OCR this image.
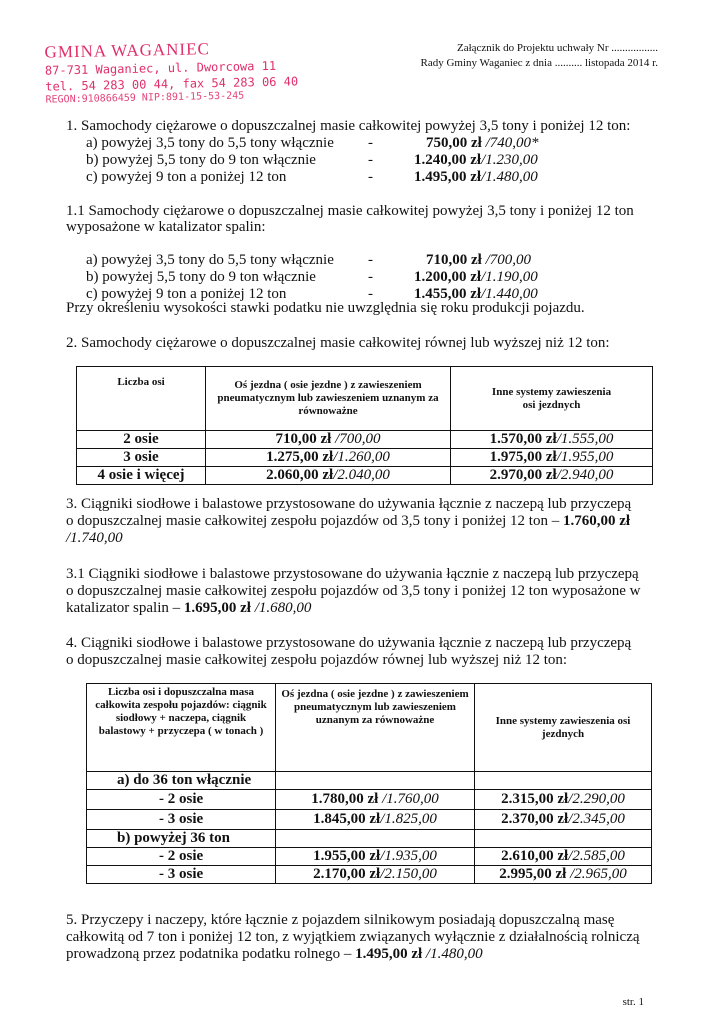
GMINA WAGANIEC
87-731 Waganiec, ul. Dworcowa 11
tel. 54 283 00 44, fax 54 283 06 40
REGON:910866459 NIP:891-15-53-245
Załącznik do Projektu uchwały Nr .................
Rady Gminy Waganiec z dnia .......... listopada 2014 r.
1. Samochody ciężarowe o dopuszczalnej masie całkowitej powyżej 3,5 tony i poniżej 12 ton:
a) powyżej 3,5 tony do 5,5 tony włącznie -	750,00 zł /740,00*
b) powyżej 5,5 tony do 9 ton włącznie	-	1.240,00 zł/1.230,00
c) powyżej 9 ton a poniżej 12 ton	-	1.495,00 zł/1.480,00
1.1 Samochody ciężarowe o dopuszczalnej masie całkowitej powyżej 3,5 tony i poniżej 12 ton
wyposażone w katalizator spalin:
a) powyżej 3,5 tony do 5,5 tony włącznie -	710,00 zł /700,00
b) powyżej 5,5 tony do 9 ton włącznie	-	1.200,00 zł/1.190,00
c) powyżej 9 ton a poniżej 12 ton	-	1.455,00 zł/1.440,00
Przy określeniu wysokości stawki podatku nie uwzględnia się roku produkcji pojazdu.
2. Samochody ciężarowe o dopuszczalnej masie całkowitej równej lub wyższej niż 12 ton:
Liczba osi	Oś jezdna ( osie jezdne ) z zawieszeniem pneumatycznym lub zawieszeniem uznanym za równoważne	Inne systemy zawieszenia osi jezdnych
2 osie	710,00 zł /700,00	1.570,00 zł/1.555,00
3 osie	1.275,00 zł/1.260,00	1.975,00 zł/1.955,00
4 osie i więcej	2.060,00 zł/2.040,00	2.970,00 zł/2.940,00
3. Ciągniki siodłowe i balastowe przystosowane do używania łącznie z naczepą lub przyczepą
o dopuszczalnej masie całkowitej zespołu pojazdów od 3,5 tony i poniżej 12 ton – 1.760,00 zł
/1.740,00
3.1 Ciągniki siodłowe i balastowe przystosowane do używania łącznie z naczepą lub przyczepą
o dopuszczalnej masie całkowitej zespołu pojazdów od 3,5 tony i poniżej 12 ton wyposażone w
katalizator spalin – 1.695,00 zł /1.680,00
4. Ciągniki siodłowe i balastowe przystosowane do używania łącznie z naczepą lub przyczepą
o dopuszczalnej masie całkowitej zespołu pojazdów równej lub wyższej niż 12 ton:
Liczba osi i dopuszczalna masa całkowita zespołu pojazdów: ciągnik siodłowy + naczepa, ciągnik balastowy + przyczepa ( w tonach )	Oś jezdna ( osie jezdne ) z zawieszeniem pneumatycznym lub zawieszeniem uznanym za równoważne	Inne systemy zawieszenia osi jezdnych
a) do 36 ton włącznie		
- 2 osie	1.780,00 zł /1.760,00	2.315,00 zł/2.290,00
- 3 osie	1.845,00 zł/1.825,00	2.370,00 zł/2.345,00
b) powyżej 36 ton		
- 2 osie	1.955,00 zł/1.935,00	2.610,00 zł/2.585,00
- 3 osie	2.170,00 zł/2.150,00	2.995,00 zł /2.965,00
5. Przyczepy i naczepy, które łącznie z pojazdem silnikowym posiadają dopuszczalną masę
całkowitą od 7 ton i poniżej 12 ton, z wyjątkiem związanych wyłącznie z działalnością rolniczą
prowadzoną przez podatnika podatku rolnego – 1.495,00 zł /1.480,00
str. 1
